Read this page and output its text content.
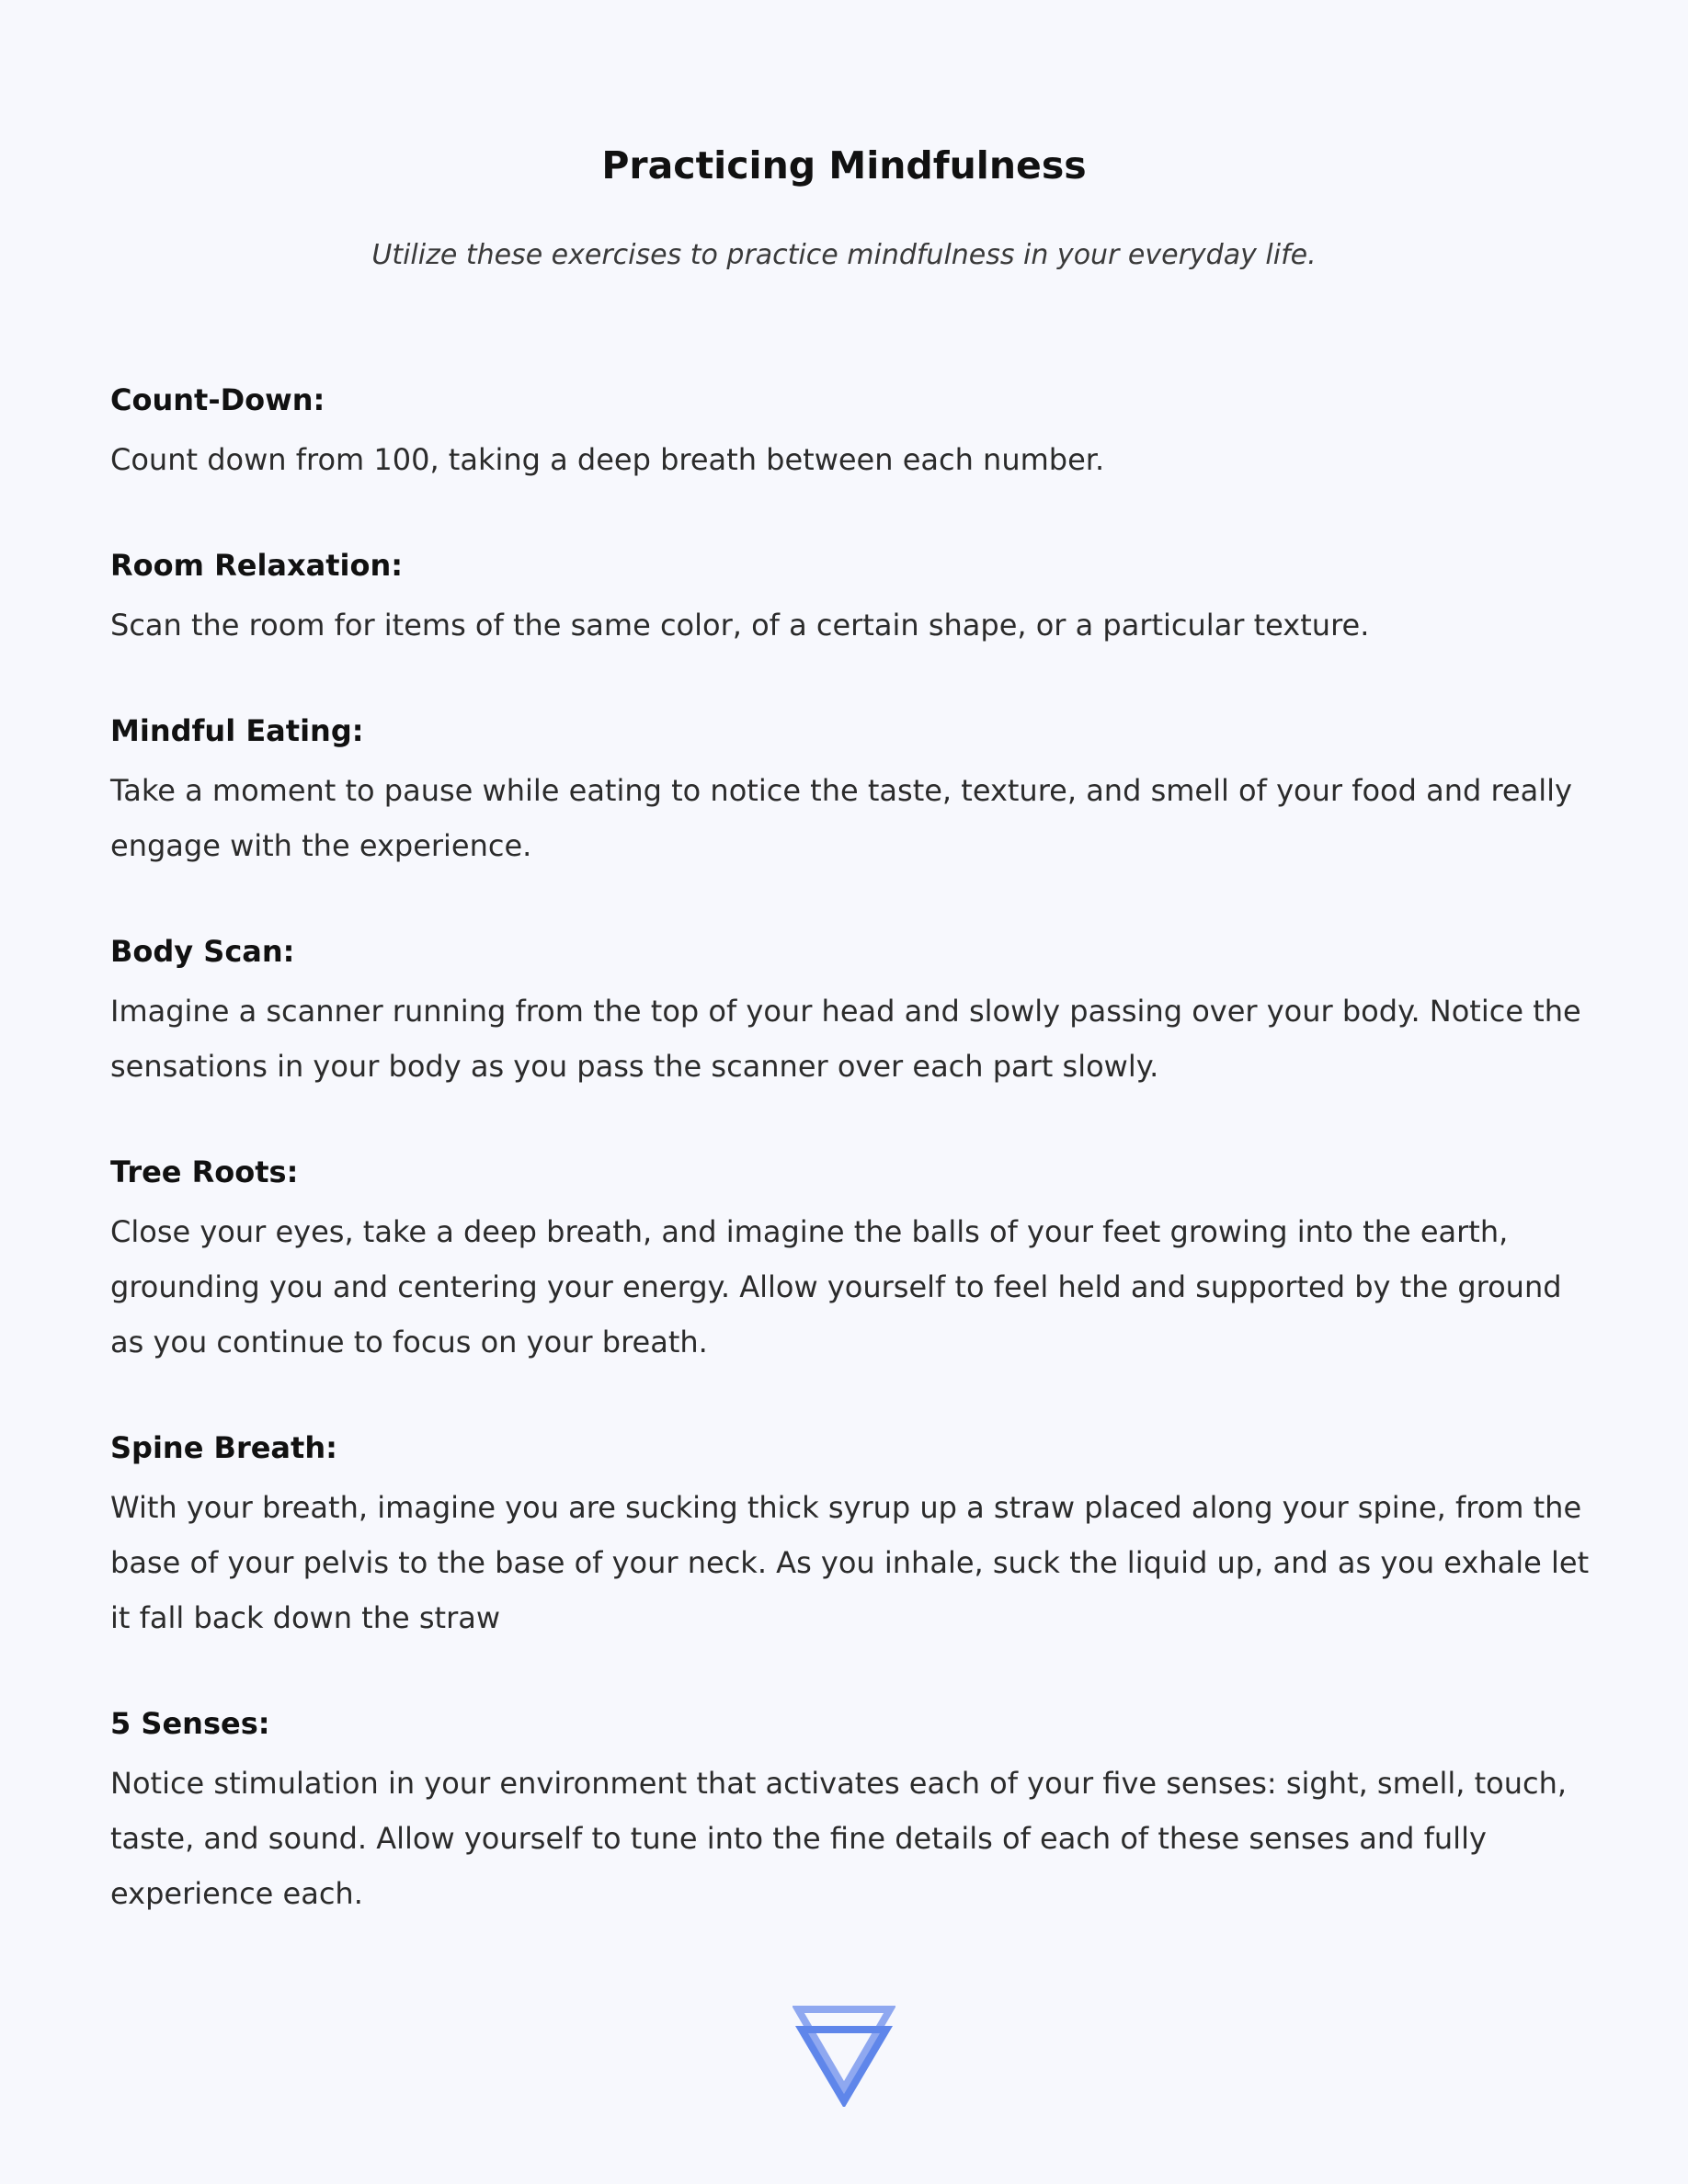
Practicing Mindfulness

Utilize these exercises to practice mindfulness in your everyday life.

Count-Down:

Count down from 100, taking a deep breath between each number.

Room Relaxation:

Scan the room for items of the same color, of a certain shape, or a particular texture.

Mindful Eating:

Take a moment to pause while eating to notice the taste, texture, and smell of your food and really engage with the experience.

Body Scan:

Imagine a scanner running from the top of your head and slowly passing over your body. Notice the sensations in your body as you pass the scanner over each part slowly.

Tree Roots:

Close your eyes, take a deep breath, and imagine the balls of your feet growing into the earth, grounding you and centering your energy. Allow yourself to feel held and supported by the ground as you continue to focus on your breath.

Spine Breath:

With your breath, imagine you are sucking thick syrup up a straw placed along your spine, from the base of your pelvis to the base of your neck. As you inhale, suck the liquid up, and as you exhale let it fall back down the straw

5 Senses:

Notice stimulation in your environment that activates each of your five senses: sight, smell, touch, taste, and sound. Allow yourself to tune into the fine details of each of these senses and fully experience each.
